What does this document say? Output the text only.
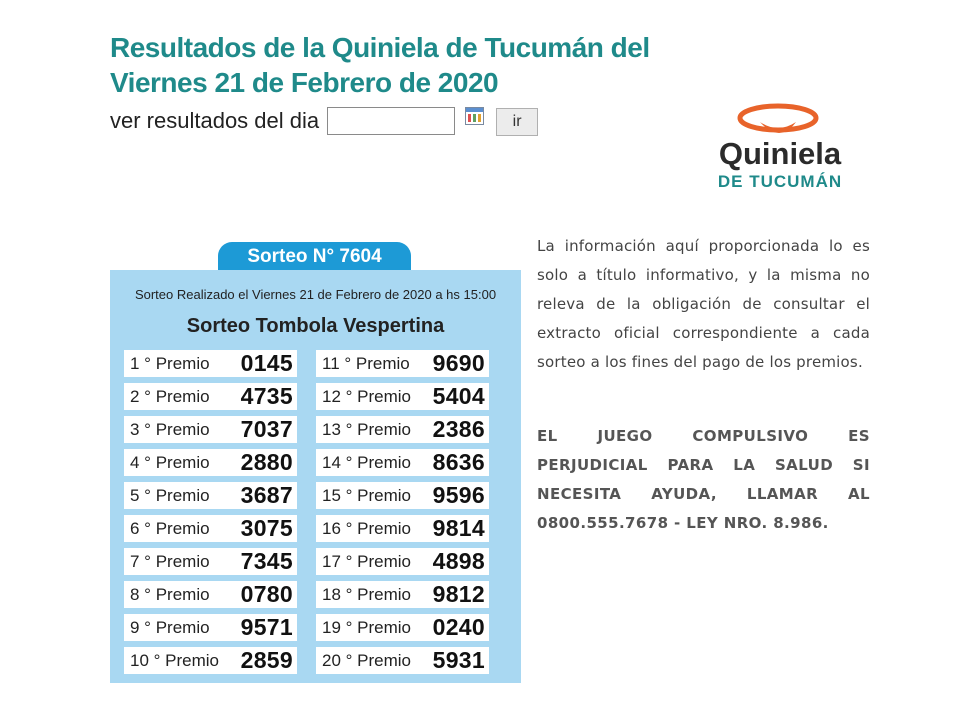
Resultados de la Quiniela de Tucumán del Viernes 21 de Febrero de 2020
ver resultados del dia	ir
Quiniela
DE TUCUMÁN
Sorteo N° 7604
Sorteo Realizado el Viernes 21 de Febrero de 2020 a hs 15:00
Sorteo Tombola Vespertina
1 ° Premio 0145
2 ° Premio 4735
3 ° Premio 7037
4 ° Premio 2880
5 ° Premio 3687
6 ° Premio 3075
7 ° Premio 7345
8 ° Premio 0780
9 ° Premio 9571
10 ° Premio 2859
11 ° Premio 9690
12 ° Premio 5404
13 ° Premio 2386
14 ° Premio 8636
15 ° Premio 9596
16 ° Premio 9814
17 ° Premio 4898
18 ° Premio 9812
19 ° Premio 0240
20 ° Premio 5931
La información aquí proporcionada lo es solo a título informativo, y la misma no releva de la obligación de consultar el extracto oficial correspondiente a cada sorteo a los fines del pago de los premios.
EL JUEGO COMPULSIVO ES PERJUDICIAL PARA LA SALUD SI NECESITA AYUDA, LLAMAR AL 0800.555.7678 - LEY NRO. 8.986.
